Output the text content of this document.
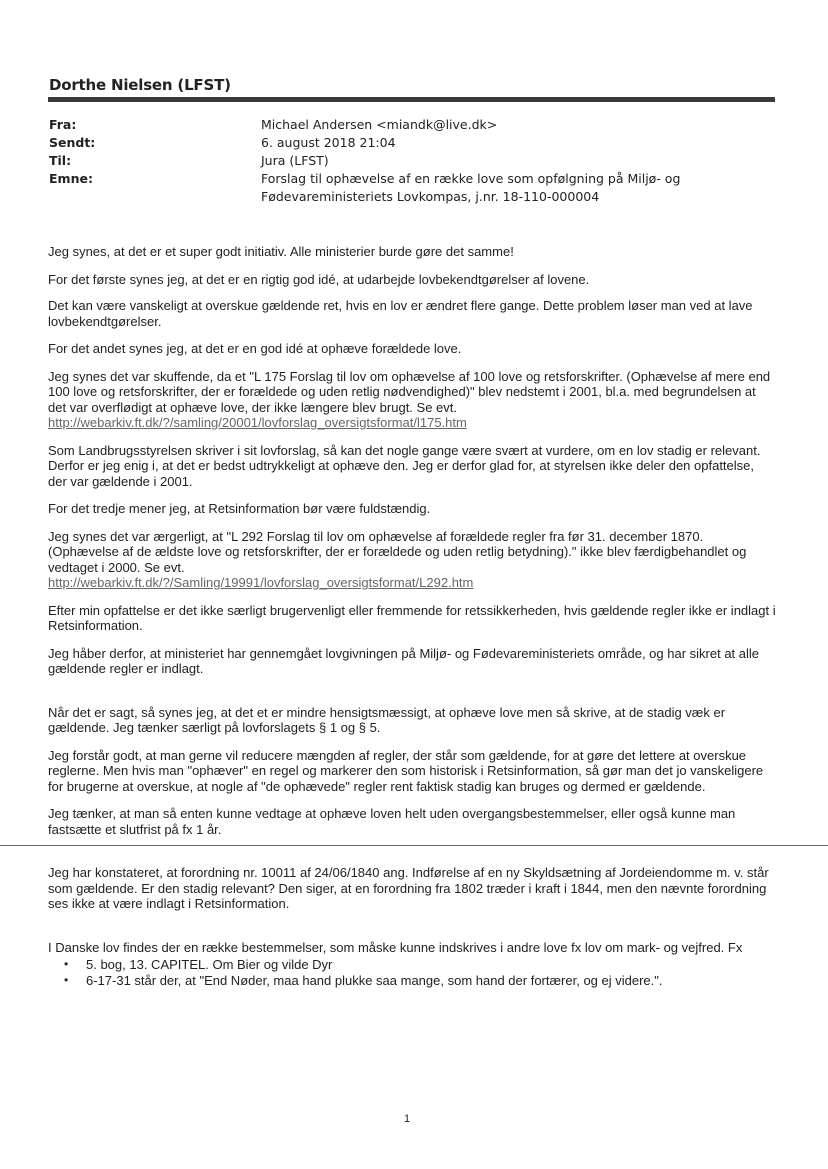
Dorthe Nielsen (LFST)
Fra:	Michael Andersen <miandk@live.dk>
Sendt:	6. august 2018 21:04
Til:	Jura (LFST)
Emne:	Forslag til ophævelse af en række love som opfølgning på Miljø- og
Fødevareministeriets Lovkompas, j.nr. 18-110-000004

Jeg synes, at det er et super godt initiativ. Alle ministerier burde gøre det samme!

For det første synes jeg, at det er en rigtig god idé, at udarbejde lovbekendtgørelser af lovene.

Det kan være vanskeligt at overskue gældende ret, hvis en lov er ændret flere gange. Dette problem løser man ved at lave lovbekendtgørelser.

For det andet synes jeg, at det er en god idé at ophæve forældede love.

Jeg synes det var skuffende, da et "L 175 Forslag til lov om ophævelse af 100 love og retsforskrifter. (Ophævelse af mere end 100 love og retsforskrifter, der er forældede og uden retlig nødvendighed)" blev nedstemt i 2001, bl.a. med begrundelsen at det var overflødigt at ophæve love, der ikke længere blev brugt. Se evt.

http://webarkiv.ft.dk/?/samling/20001/lovforslag_oversigtsformat/l175.htm

Som Landbrugsstyrelsen skriver i sit lovforslag, så kan det nogle gange være svært at vurdere, om en lov stadig er relevant. Derfor er jeg enig i, at det er bedst udtrykkeligt at ophæve den. Jeg er derfor glad for, at styrelsen ikke deler den opfattelse, der var gældende i 2001.

For det tredje mener jeg, at Retsinformation bør være fuldstændig.

Jeg synes det var ærgerligt, at "L 292 Forslag til lov om ophævelse af forældede regler fra før 31. december 1870. (Ophævelse af de ældste love og retsforskrifter, der er forældede og uden retlig betydning)." ikke blev færdigbehandlet og vedtaget i 2000. Se evt.

http://webarkiv.ft.dk/?/Samling/19991/lovforslag_oversigtsformat/L292.htm

Efter min opfattelse er det ikke særligt brugervenligt eller fremmende for retssikkerheden, hvis gældende regler ikke er indlagt i Retsinformation.

Jeg håber derfor, at ministeriet har gennemgået lovgivningen på Miljø- og Fødevareministeriets område, og har sikret at alle gældende regler er indlagt.

Når det er sagt, så synes jeg, at det et er mindre hensigtsmæssigt, at ophæve love men så skrive, at de stadig væk er gældende. Jeg tænker særligt på lovforslagets § 1 og § 5.

Jeg forstår godt, at man gerne vil reducere mængden af regler, der står som gældende, for at gøre det lettere at overskue reglerne. Men hvis man "ophæver" en regel og markerer den som historisk i Retsinformation, så gør man det jo vanskeligere for brugerne at overskue, at nogle af "de ophævede" regler rent faktisk stadig kan bruges og dermed er gældende.

Jeg tænker, at man så enten kunne vedtage at ophæve loven helt uden overgangsbestemmelser, eller også kunne man fastsætte et slutfrist på fx 1 år.

Jeg har konstateret, at forordning nr. 10011 af 24/06/1840 ang. Indførelse af en ny Skyldsætning af Jordeiendomme m. v. står som gældende. Er den stadig relevant? Den siger, at en forordning fra 1802 træder i kraft i 1844, men den nævnte forordning ses ikke at være indlagt i Retsinformation.

I Danske lov findes der en række bestemmelser, som måske kunne indskrives i andre love fx lov om mark- og vejfred. Fx

• 5. bog, 13. CAPITEL. Om Bier og vilde Dyr
• 6-17-31 står der, at "End Nøder, maa hand plukke saa mange, som hand der fortærer, og ej videre.".
1
